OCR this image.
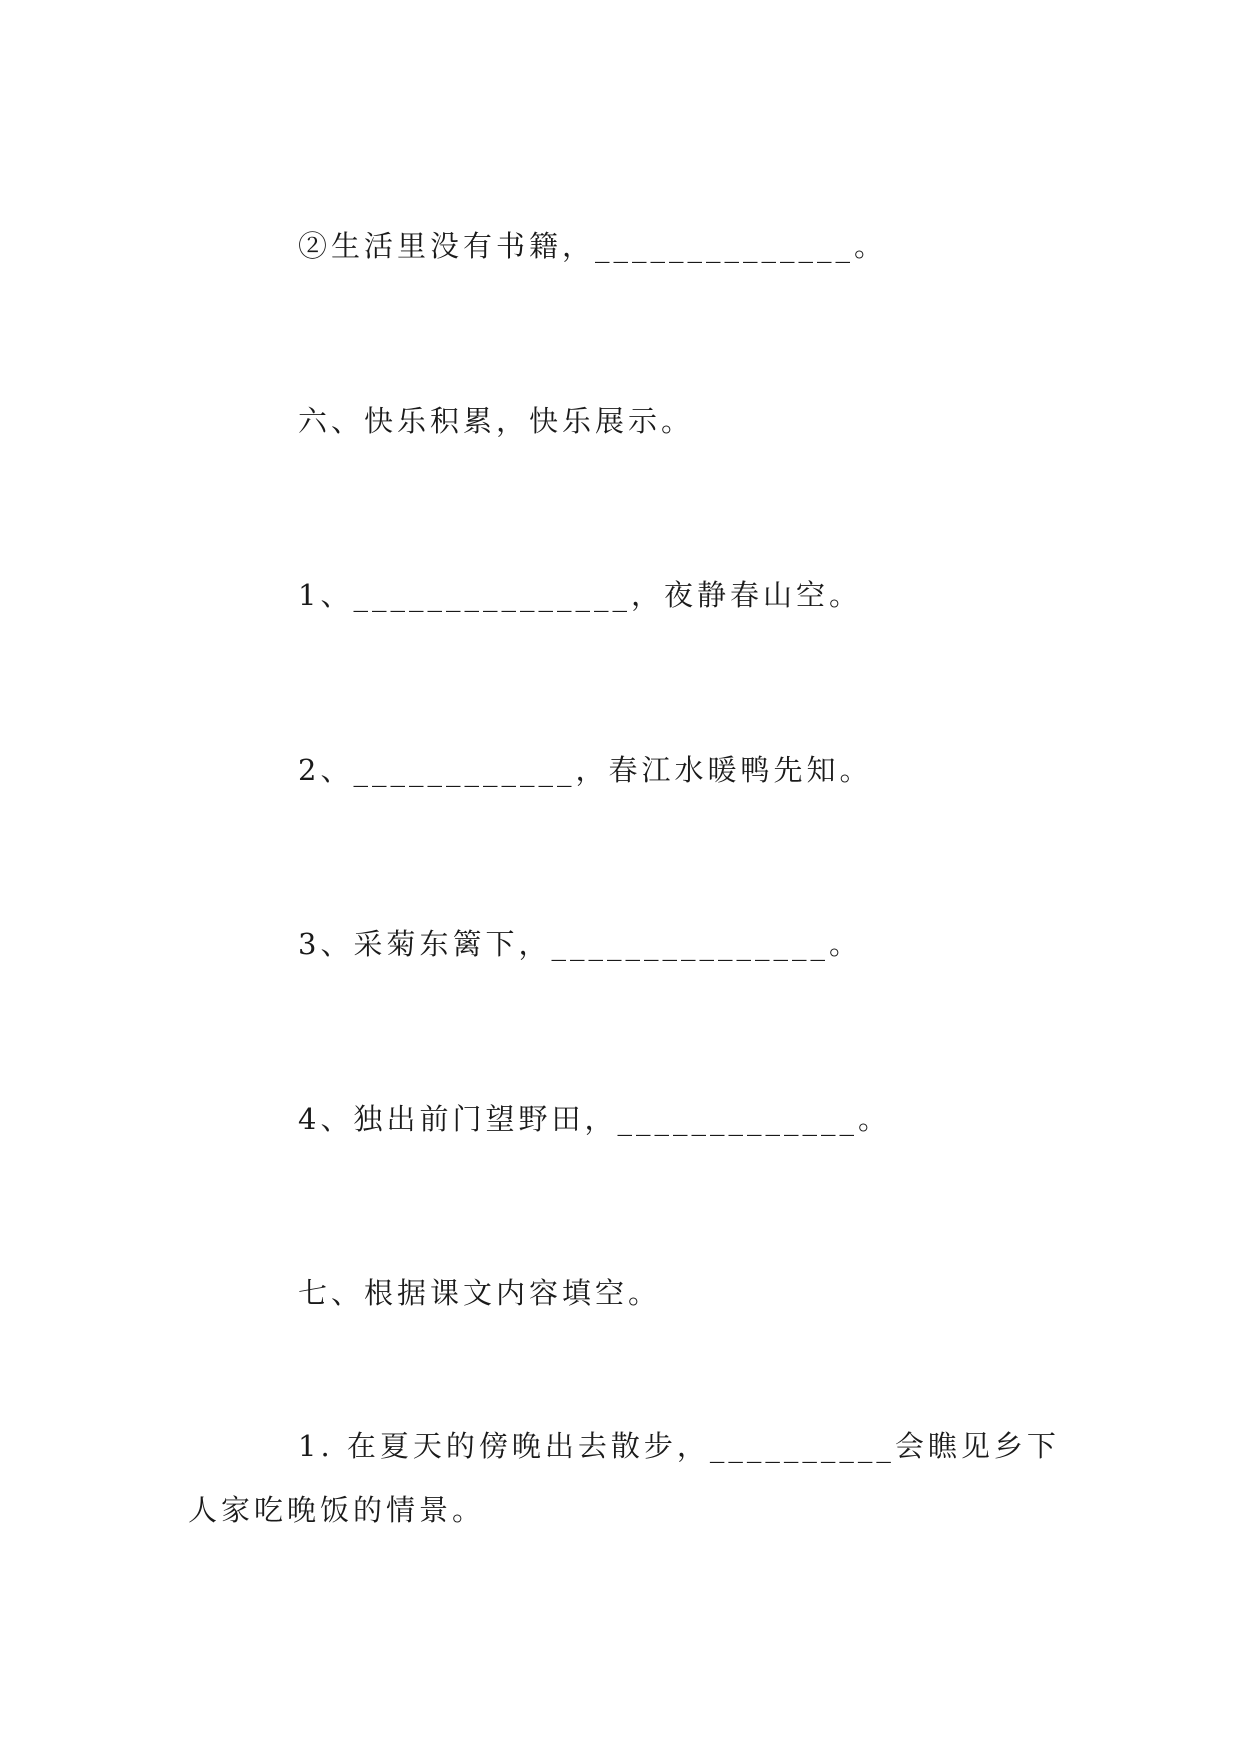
②生活里没有书籍，______________。
六、快乐积累，快乐展示。
1、_______________，夜静春山空。
2、____________，春江水暖鸭先知。
3、采菊东篱下，_______________。
4、独出前门望野田，_____________。
七、根据课文内容填空。
1. 在夏天的傍晚出去散步，__________会瞧见乡下人家吃晚饭的情景。
